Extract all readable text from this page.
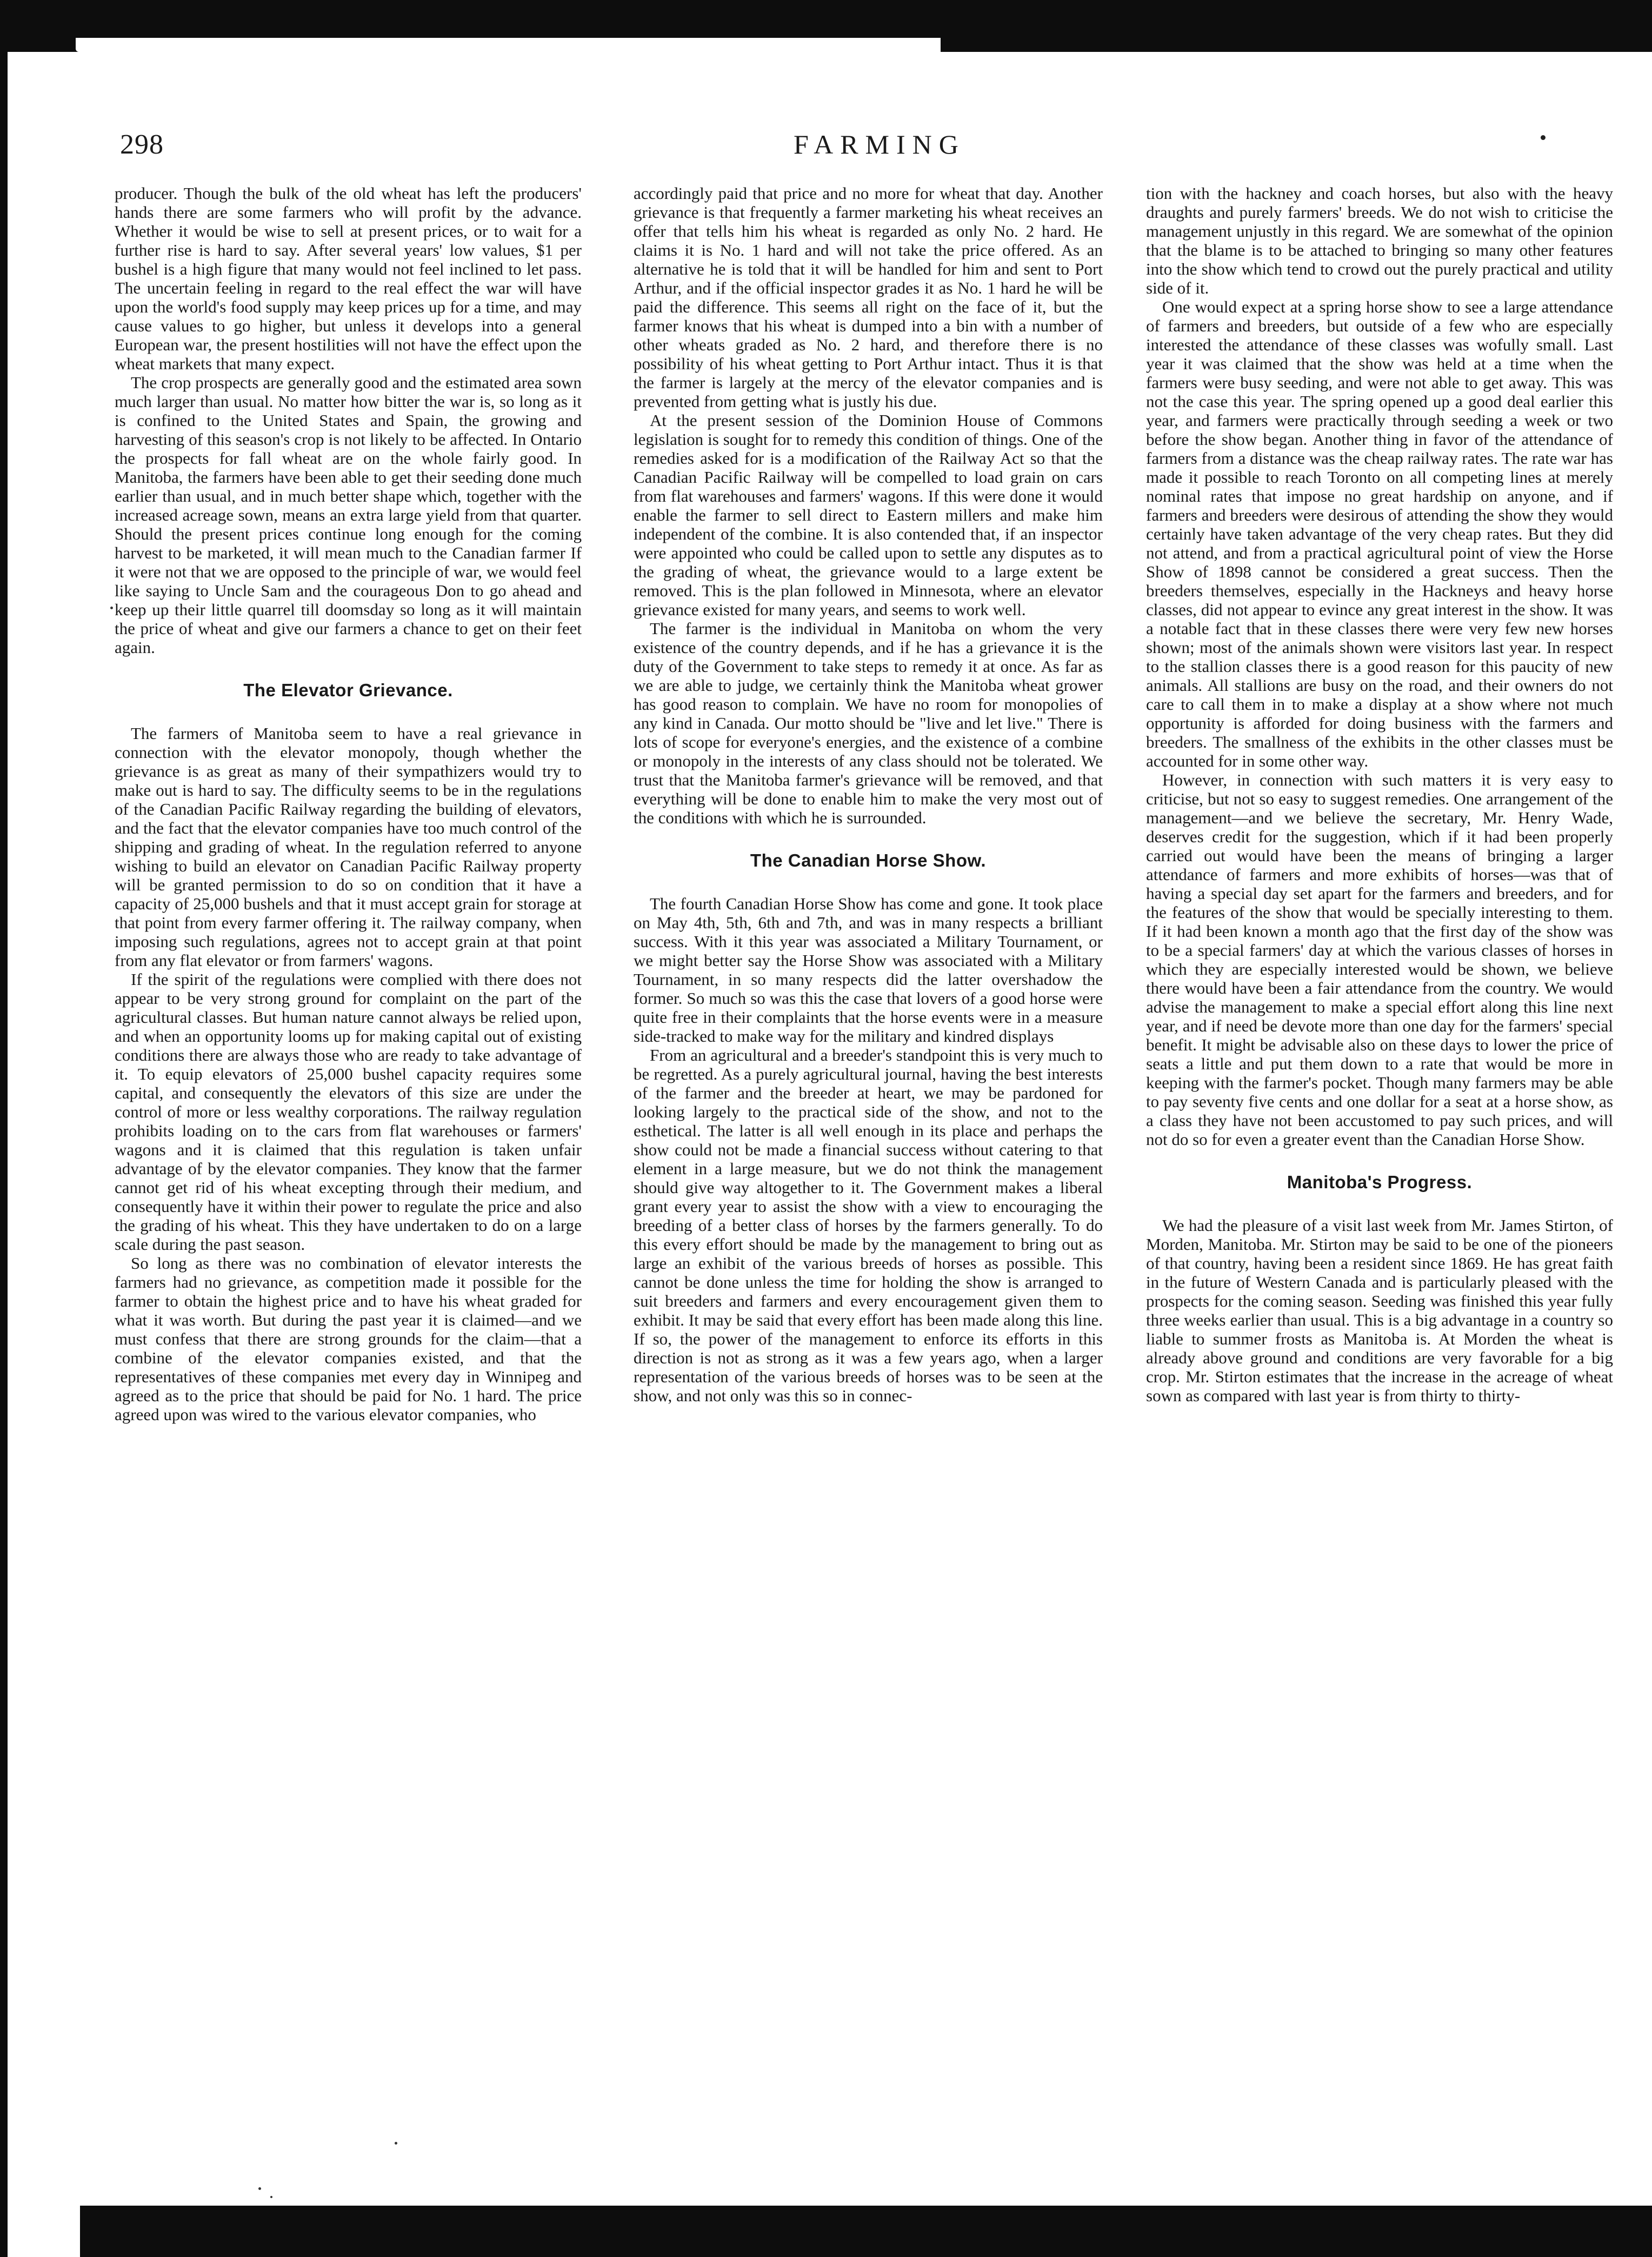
298	FARMING

producer. Though the bulk of the old wheat has left the producers' hands there are some farmers who will profit by the advance. Whether it would be wise to sell at present prices, or to wait for a further rise is hard to say. After several years' low values, $1 per bushel is a high figure that many would not feel inclined to let pass. The uncertain feeling in regard to the real effect the war will have upon the world's food supply may keep prices up for a time, and may cause values to go higher, but unless it develops into a general European war, the present hostilities will not have the effect upon the wheat markets that many expect.

The crop prospects are generally good and the estimated area sown much larger than usual. No matter how bitter the war is, so long as it is confined to the United States and Spain, the growing and harvesting of this season's crop is not likely to be affected. In Ontario the prospects for fall wheat are on the whole fairly good. In Manitoba, the farmers have been able to get their seeding done much earlier than usual, and in much better shape which, together with the increased acreage sown, means an extra large yield from that quarter. Should the present prices continue long enough for the coming harvest to be marketed, it will mean much to the Canadian farmer If it were not that we are opposed to the principle of war, we would feel like saying to Uncle Sam and the courageous Don to go ahead and keep up their little quarrel till doomsday so long as it will maintain the price of wheat and give our farmers a chance to get on their feet again.

The Elevator Grievance.

The farmers of Manitoba seem to have a real grievance in connection with the elevator monopoly, though whether the grievance is as great as many of their sympathizers would try to make out is hard to say. The difficulty seems to be in the regulations of the Canadian Pacific Railway regarding the building of elevators, and the fact that the elevator companies have too much control of the shipping and grading of wheat. In the regulation referred to anyone wishing to build an elevator on Canadian Pacific Railway property will be granted permission to do so on condition that it have a capacity of 25,000 bushels and that it must accept grain for storage at that point from every farmer offering it. The railway company, when imposing such regulations, agrees not to accept grain at that point from any flat elevator or from farmers' wagons.

If the spirit of the regulations were complied with there does not appear to be very strong ground for complaint on the part of the agricultural classes. But human nature cannot always be relied upon, and when an opportunity looms up for making capital out of existing conditions there are always those who are ready to take advantage of it. To equip elevators of 25,000 bushel capacity requires some capital, and consequently the elevators of this size are under the control of more or less wealthy corporations. The railway regulation prohibits loading on to the cars from flat warehouses or farmers' wagons and it is claimed that this regulation is taken unfair advantage of by the elevator companies. They know that the farmer cannot get rid of his wheat excepting through their medium, and consequently have it within their power to regulate the price and also the grading of his wheat. This they have undertaken to do on a large scale during the past season.

So long as there was no combination of elevator interests the farmers had no grievance, as competition made it possible for the farmer to obtain the highest price and to have his wheat graded for what it was worth. But during the past year it is claimed—and we must confess that there are strong grounds for the claim—that a combine of the elevator companies existed, and that the representatives of these companies met every day in Winnipeg and agreed as to the price that should be paid for No. 1 hard. The price agreed upon was wired to the various elevator companies, who

accordingly paid that price and no more for wheat that day. Another grievance is that frequently a farmer marketing his wheat receives an offer that tells him his wheat is regarded as only No. 2 hard. He claims it is No. 1 hard and will not take the price offered. As an alternative he is told that it will be handled for him and sent to Port Arthur, and if the official inspector grades it as No. 1 hard he will be paid the difference. This seems all right on the face of it, but the farmer knows that his wheat is dumped into a bin with a number of other wheats graded as No. 2 hard, and therefore there is no possibility of his wheat getting to Port Arthur intact. Thus it is that the farmer is largely at the mercy of the elevator companies and is prevented from getting what is justly his due.

At the present session of the Dominion House of Commons legislation is sought for to remedy this condition of things. One of the remedies asked for is a modification of the Railway Act so that the Canadian Pacific Railway will be compelled to load grain on cars from flat warehouses and farmers' wagons. If this were done it would enable the farmer to sell direct to Eastern millers and make him independent of the combine. It is also contended that, if an inspector were appointed who could be called upon to settle any disputes as to the grading of wheat, the grievance would to a large extent be removed. This is the plan followed in Minnesota, where an elevator grievance existed for many years, and seems to work well.

The farmer is the individual in Manitoba on whom the very existence of the country depends, and if he has a grievance it is the duty of the Government to take steps to remedy it at once. As far as we are able to judge, we certainly think the Manitoba wheat grower has good reason to complain. We have no room for monopolies of any kind in Canada. Our motto should be "live and let live." There is lots of scope for everyone's energies, and the existence of a combine or monopoly in the interests of any class should not be tolerated. We trust that the Manitoba farmer's grievance will be removed, and that everything will be done to enable him to make the very most out of the conditions with which he is surrounded.

The Canadian Horse Show.

The fourth Canadian Horse Show has come and gone. It took place on May 4th, 5th, 6th and 7th, and was in many respects a brilliant success. With it this year was associated a Military Tournament, or we might better say the Horse Show was associated with a Military Tournament, in so many respects did the latter overshadow the former. So much so was this the case that lovers of a good horse were quite free in their complaints that the horse events were in a measure side-tracked to make way for the military and kindred displays

From an agricultural and a breeder's standpoint this is very much to be regretted. As a purely agricultural journal, having the best interests of the farmer and the breeder at heart, we may be pardoned for looking largely to the practical side of the show, and not to the esthetical. The latter is all well enough in its place and perhaps the show could not be made a financial success without catering to that element in a large measure, but we do not think the management should give way altogether to it. The Government makes a liberal grant every year to assist the show with a view to encouraging the breeding of a better class of horses by the farmers generally. To do this every effort should be made by the management to bring out as large an exhibit of the various breeds of horses as possible. This cannot be done unless the time for holding the show is arranged to suit breeders and farmers and every encouragement given them to exhibit. It may be said that every effort has been made along this line. If so, the power of the management to enforce its efforts in this direction is not as strong as it was a few years ago, when a larger representation of the various breeds of horses was to be seen at the show, and not only was this so in connec-

tion with the hackney and coach horses, but also with the heavy draughts and purely farmers' breeds. We do not wish to criticise the management unjustly in this regard. We are somewhat of the opinion that the blame is to be attached to bringing so many other features into the show which tend to crowd out the purely practical and utility side of it.

One would expect at a spring horse show to see a large attendance of farmers and breeders, but outside of a few who are especially interested the attendance of these classes was wofully small. Last year it was claimed that the show was held at a time when the farmers were busy seeding, and were not able to get away. This was not the case this year. The spring opened up a good deal earlier this year, and farmers were practically through seeding a week or two before the show began. Another thing in favor of the attendance of farmers from a distance was the cheap railway rates. The rate war has made it possible to reach Toronto on all competing lines at merely nominal rates that impose no great hardship on anyone, and if farmers and breeders were desirous of attending the show they would certainly have taken advantage of the very cheap rates. But they did not attend, and from a practical agricultural point of view the Horse Show of 1898 cannot be considered a great success. Then the breeders themselves, especially in the Hackneys and heavy horse classes, did not appear to evince any great interest in the show. It was a notable fact that in these classes there were very few new horses shown; most of the animals shown were visitors last year. In respect to the stallion classes there is a good reason for this paucity of new animals. All stallions are busy on the road, and their owners do not care to call them in to make a display at a show where not much opportunity is afforded for doing business with the farmers and breeders. The smallness of the exhibits in the other classes must be accounted for in some other way.

However, in connection with such matters it is very easy to criticise, but not so easy to suggest remedies. One arrangement of the management—and we believe the secretary, Mr. Henry Wade, deserves credit for the suggestion, which if it had been properly carried out would have been the means of bringing a larger attendance of farmers and more exhibits of horses—was that of having a special day set apart for the farmers and breeders, and for the features of the show that would be specially interesting to them. If it had been known a month ago that the first day of the show was to be a special farmers' day at which the various classes of horses in which they are especially interested would be shown, we believe there would have been a fair attendance from the country. We would advise the management to make a special effort along this line next year, and if need be devote more than one day for the farmers' special benefit. It might be advisable also on these days to lower the price of seats a little and put them down to a rate that would be more in keeping with the farmer's pocket. Though many farmers may be able to pay seventy five cents and one dollar for a seat at a horse show, as a class they have not been accustomed to pay such prices, and will not do so for even a greater event than the Canadian Horse Show.

Manitoba's Progress.

We had the pleasure of a visit last week from Mr. James Stirton, of Morden, Manitoba. Mr. Stirton may be said to be one of the pioneers of that country, having been a resident since 1869. He has great faith in the future of Western Canada and is particularly pleased with the prospects for the coming season. Seeding was finished this year fully three weeks earlier than usual. This is a big advantage in a country so liable to summer frosts as Manitoba is. At Morden the wheat is already above ground and conditions are very favorable for a big crop. Mr. Stirton estimates that the increase in the acreage of wheat sown as compared with last year is from thirty to thirty-
